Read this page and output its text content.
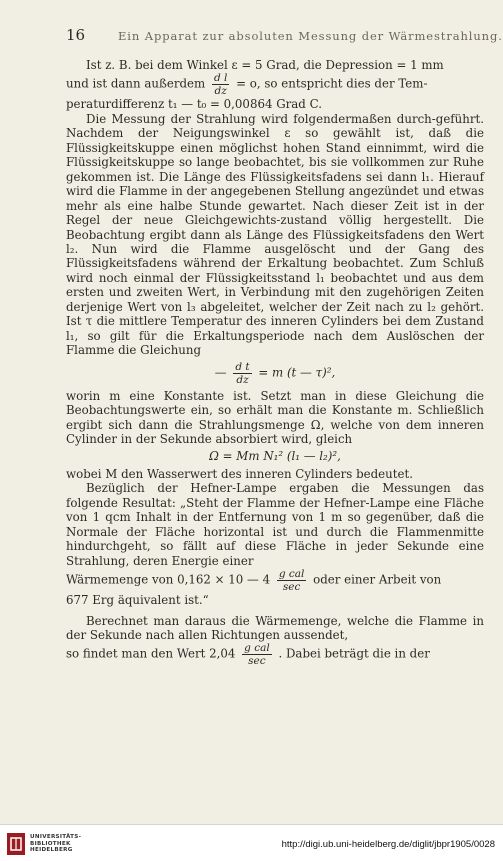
16	Ein Apparat zur absoluten Messung der Wärmestrahlung.

Ist z. B. bei dem Winkel ε = 5 Grad, die Depression = 1 mm

und ist dann außerdem $\frac{\text{d l}}{dz} = o$, so entspricht dies der Tem-

peraturdifferenz t₁ — t₀ = 0,00864 Grad C.

Die Messung der Strahlung wird folgendermaßen durch-geführt. Nachdem der Neigungswinkel ε so gewählt ist, daß die Flüssigkeitskuppe einen möglichst hohen Stand einnimmt, wird die Flüssigkeitskuppe so lange beobachtet, bis sie vollkommen zur Ruhe gekommen ist. Die Länge des Flüssigkeitsfadens sei dann l₁. Hierauf wird die Flamme in der angegebenen Stellung angezündet und etwas mehr als eine halbe Stunde gewartet. Nach dieser Zeit ist in der Regel der neue Gleichgewichts-zustand völlig hergestellt. Die Beobachtung ergibt dann als Länge des Flüssigkeitsfadens den Wert l₂. Nun wird die Flamme ausgelöscht und der Gang des Flüssigkeitsfadens während der Erkaltung beobachtet. Zum Schluß wird noch einmal der Flüssigkeitsstand l₁ beobachtet und aus dem ersten und zweiten Wert, in Verbindung mit den zugehörigen Zeiten derjenige Wert von l₃ abgeleitet, welcher der Zeit nach zu l₂ gehört. Ist τ die mittlere Temperatur des inneren Cylinders bei dem Zustand l₁, so gilt für die Erkaltungsperiode nach dem Auslöschen der Flamme die Gleichung

— $\frac{\text{d t}}{dz} = m$ (t — τ)²,

worin m eine Konstante ist. Setzt man in diese Gleichung die Beobachtungswerte ein, so erhält man die Konstante m. Schließlich ergibt sich dann die Strahlungsmenge Ω, welche von dem inneren Cylinder in der Sekunde absorbiert wird, gleich

Ω = Mm N₁² (l₁ — l₂)²,

wobei M den Wasserwert des inneren Cylinders bedeutet.

Bezüglich der Hefner-Lampe ergaben die Messungen das folgende Resultat: „Steht der Flamme der Hefner-Lampe eine Fläche von 1 qcm Inhalt in der Entfernung von 1 m so gegenüber, daß die Normale der Fläche horizontal ist und durch die Flammenmitte hindurchgeht, so fällt auf diese Fläche in jeder Sekunde eine Strahlung, deren Energie einer

Wärmemenge von 0,162 × 10 — $4 \frac{\text{g cal}}{\sec}$ oder einer Arbeit von

677 Erg äquivalent ist.“

Berechnet man daraus die Wärmemenge, welche die Flamme in der Sekunde nach allen Richtungen aussendet,

so findet man den Wert $2,04 \frac{\text{g cal}}{\sec}$ . Dabei beträgt die in der

UNIVERSITÄTS-
BIBLIOTHEK
HEIDELBERG	http://digi.ub.uni-heidelberg.de/diglit/jbpr1905/0028
